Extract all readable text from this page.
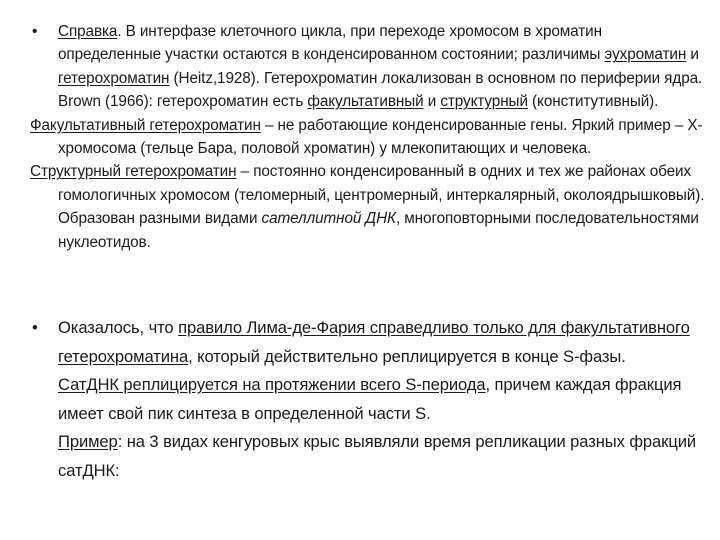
• Справка. В интерфазе клеточного цикла, при переходе хромосом в хроматин определенные участки остаются в конденсированном состоянии; различимы эухроматин и гетерохроматин (Heitz,1928). Гетерохроматин локализован в основном по периферии ядра. Brown (1966): гетерохроматин есть факультативный и структурный (конститутивный).
Факультативный гетерохроматин – не работающие конденсированные гены. Яркий пример – Х-хромосома (тельце Бара, половой хроматин) у млекопитающих и человека.
Структурный гетерохроматин – постоянно конденсированный в одних и тех же районах обеих гомологичных хромосом (теломерный, центромерный, интеркалярный, околоядрышковый). Образован разными видами сателлитной ДНК, многоповторными последовательностями нуклеотидов.
• Оказалось, что правило Лима-де-Фария справедливо только для факультативного гетерохроматина, который действительно реплицируется в конце S-фазы.
СатДНК реплицируется на протяжении всего S-периода, причем каждая фракция имеет свой пик синтеза в определенной части S.
Пример: на 3 видах кенгуровых крыс выявляли время репликации разных фракций сатДНК:
